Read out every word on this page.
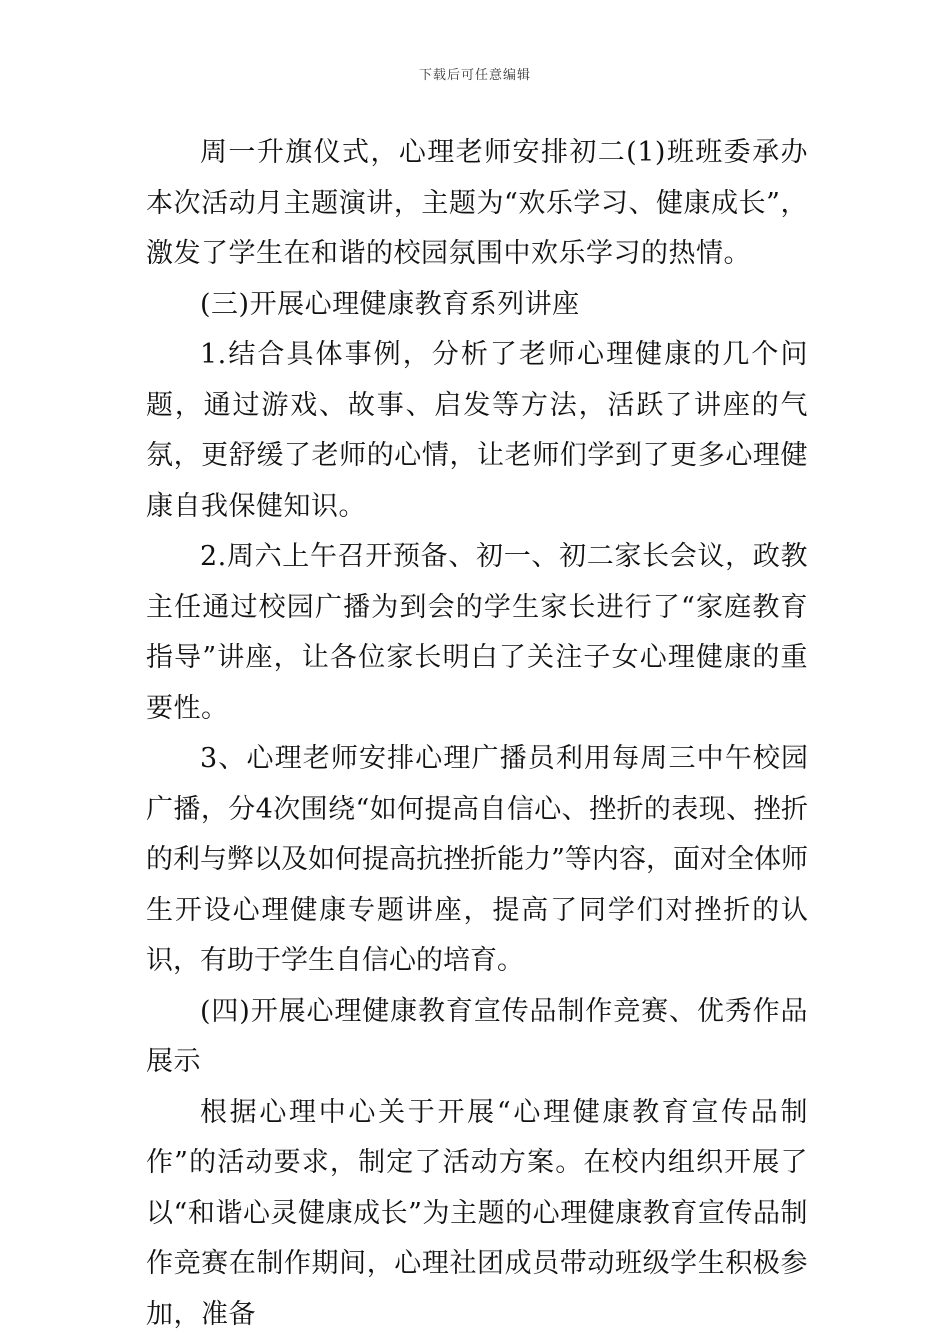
下载后可任意编辑

周一升旗仪式，心理老师安排初二(1)班班委承办本次活动月主题演讲，主题为“欢乐学习、健康成长”，激发了学生在和谐的校园氛围中欢乐学习的热情。

(三)开展心理健康教育系列讲座

1.结合具体事例，分析了老师心理健康的几个问题，通过游戏、故事、启发等方法，活跃了讲座的气氛，更舒缓了老师的心情，让老师们学到了更多心理健康自我保健知识。

2.周六上午召开预备、初一、初二家长会议，政教主任通过校园广播为到会的学生家长进行了“家庭教育指导”讲座，让各位家长明白了关注子女心理健康的重要性。

3、心理老师安排心理广播员利用每周三中午校园广播，分4次围绕“如何提高自信心、挫折的表现、挫折的利与弊以及如何提高抗挫折能力”等内容，面对全体师生开设心理健康专题讲座，提高了同学们对挫折的认识，有助于学生自信心的培育。

(四)开展心理健康教育宣传品制作竞赛、优秀作品展示

根据心理中心关于开展“心理健康教育宣传品制作”的活动要求，制定了活动方案。在校内组织开展了以“和谐心灵健康成长”为主题的心理健康教育宣传品制作竞赛在制作期间，心理社团成员带动班级学生积极参加，准备
